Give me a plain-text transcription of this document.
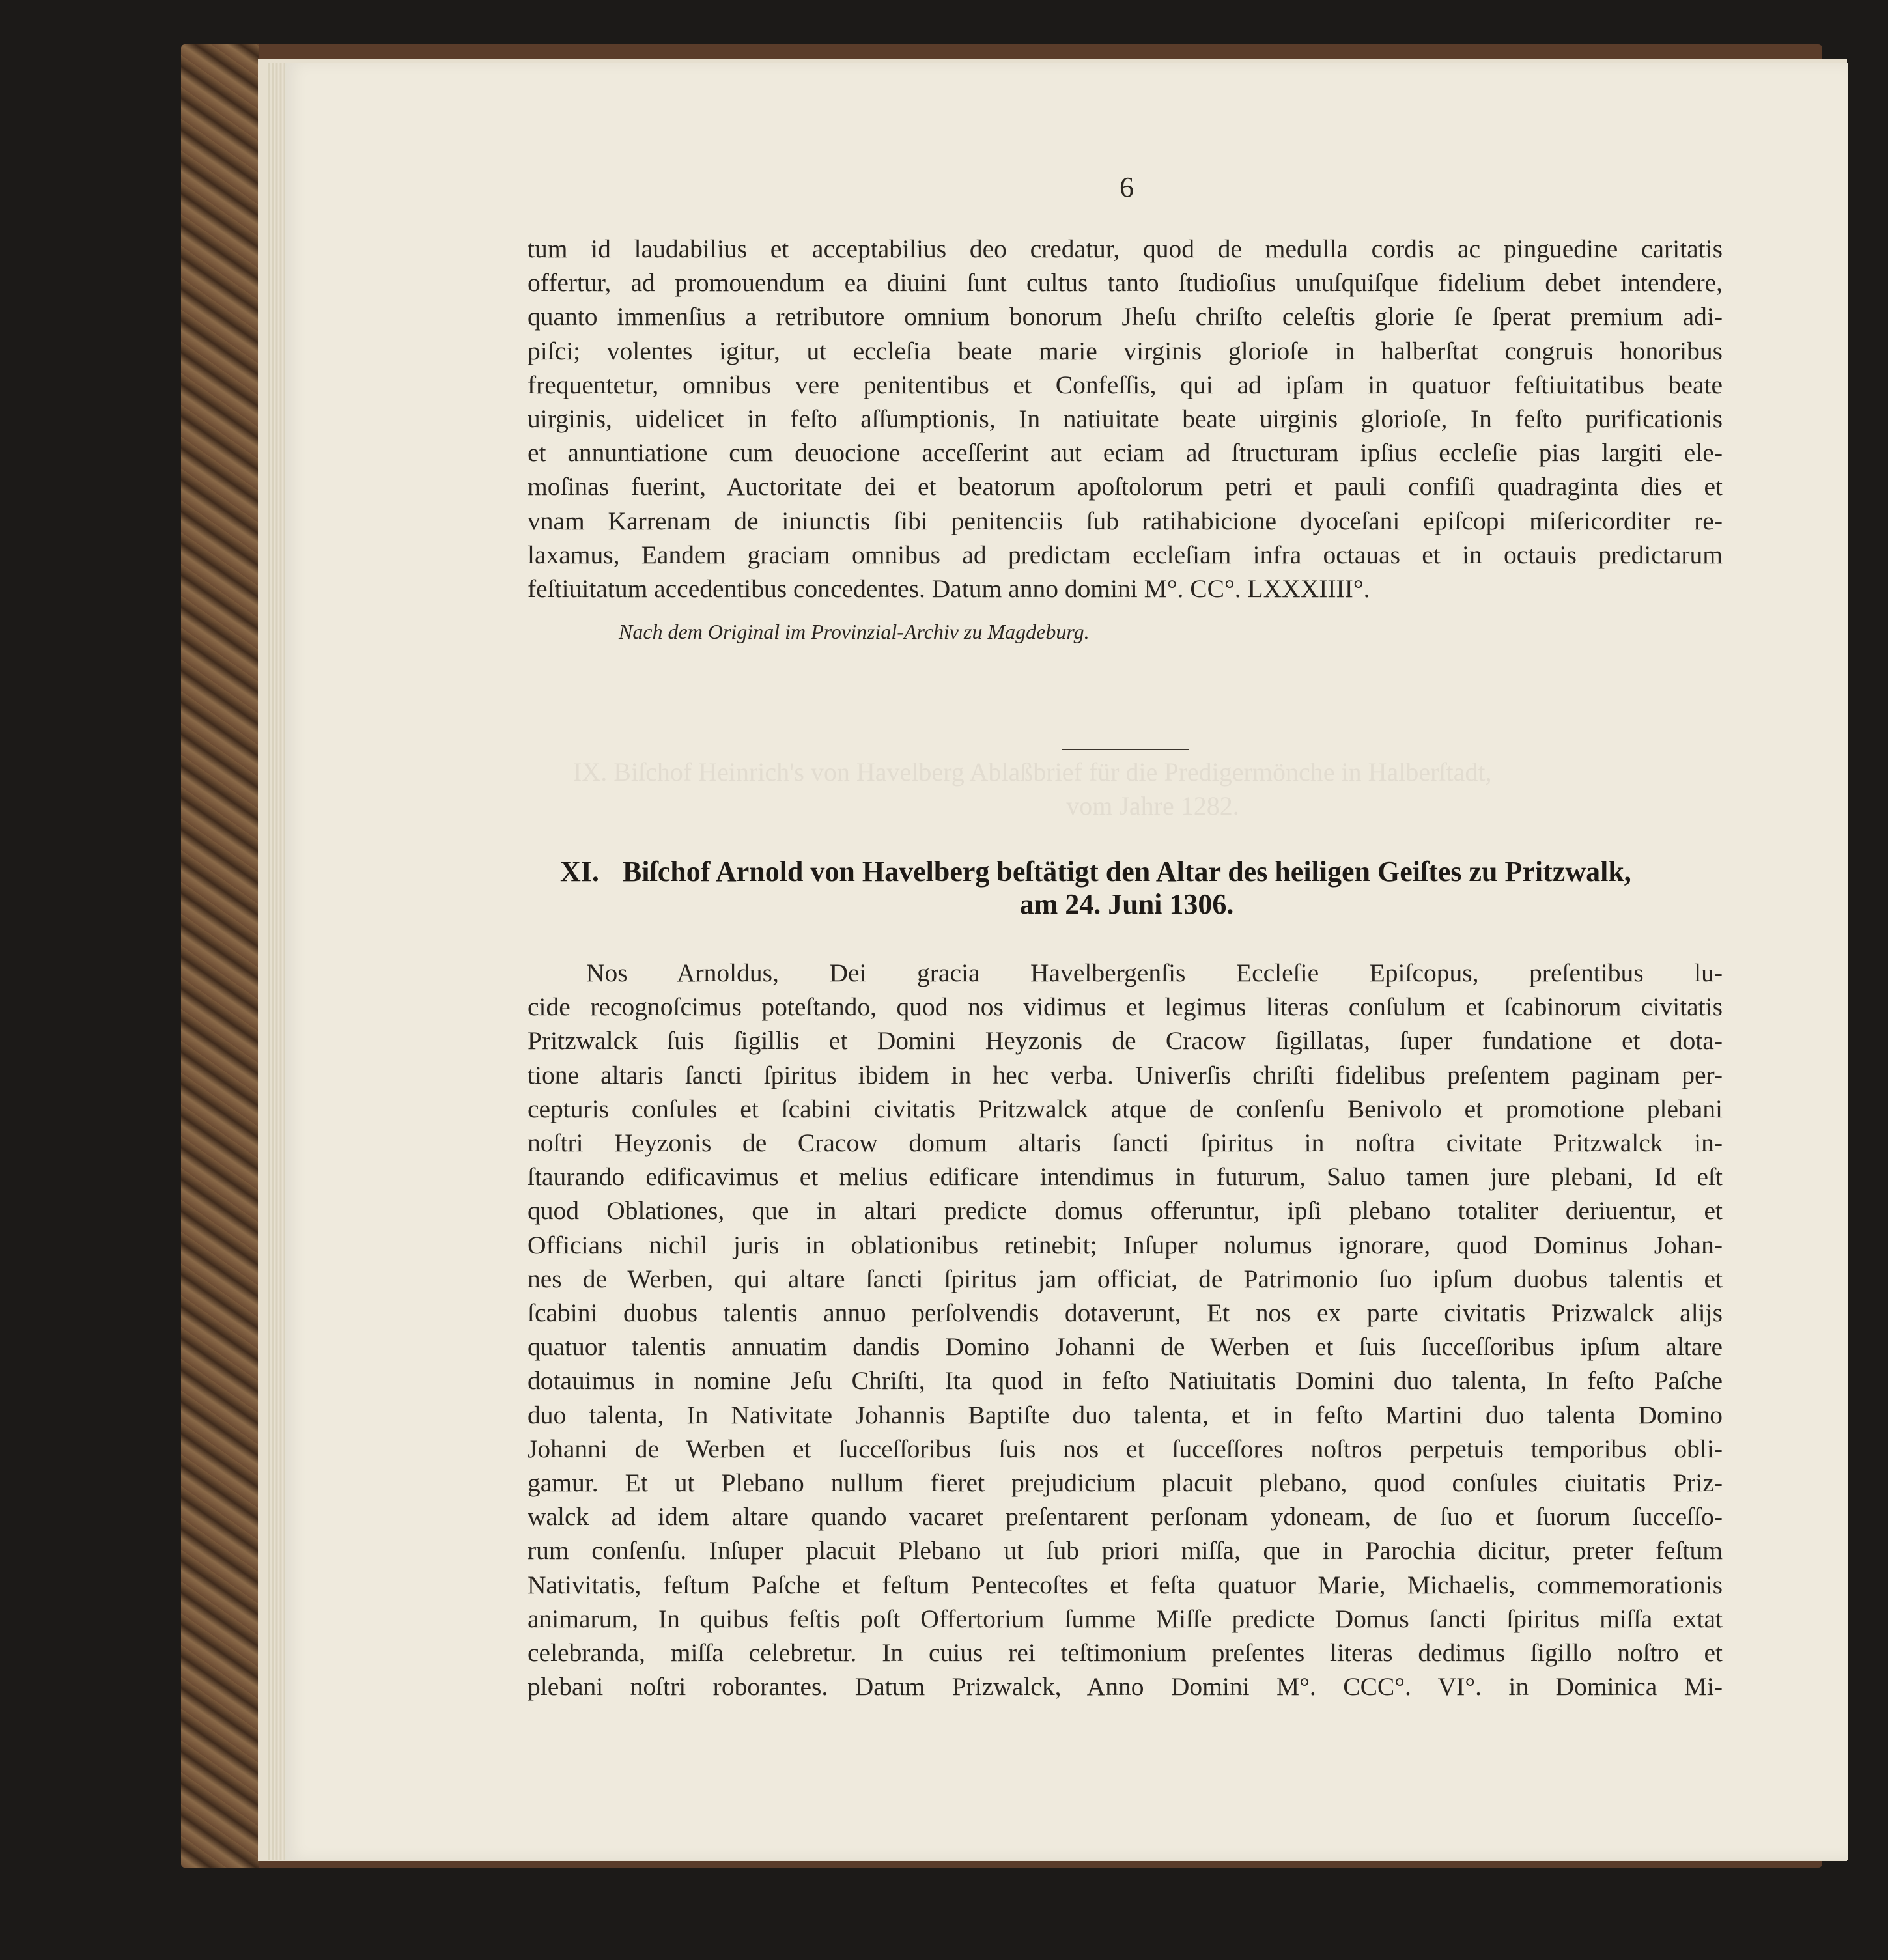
6
tum id laudabilius et acceptabilius deo credatur, quod de medulla cordis ac pinguedine caritatis
offertur, ad promouendum ea diuini ſunt cultus tanto ſtudioſius unuſquiſque fidelium debet intendere,
quanto immenſius a retributore omnium bonorum Jheſu chriſto celeſtis glorie ſe ſperat premium adi-
piſci; volentes igitur, ut eccleſia beate marie virginis glorioſe in halberſtat congruis honoribus
frequentetur, omnibus vere penitentibus et Confeſſis, qui ad ipſam in quatuor feſtiuitatibus beate
uirginis, uidelicet in feſto aſſumptionis, In natiuitate beate uirginis glorioſe, In feſto purificationis
et annuntiatione cum deuocione acceſſerint aut eciam ad ſtructuram ipſius eccleſie pias largiti ele-
moſinas fuerint, Auctoritate dei et beatorum apoſtolorum petri et pauli confiſi quadraginta dies et
vnam Karrenam de iniunctis ſibi penitenciis ſub ratihabicione dyoceſani epiſcopi miſericorditer re-
laxamus, Eandem graciam omnibus ad predictam eccleſiam infra octauas et in octauis predictarum
feſtiuitatum accedentibus concedentes. Datum anno domini M°. CC°. LXXXIIII°.
Nach dem Original im Provinzial-Archiv zu Magdeburg.
XI. Biſchof Arnold von Havelberg beſtätigt den Altar des heiligen Geiſtes zu Pritzwalk,
am 24. Juni 1306.
Nos Arnoldus, Dei gracia Havelbergenſis Eccleſie Epiſcopus, preſentibus lu-
cide recognoſcimus poteſtando, quod nos vidimus et legimus literas conſulum et ſcabinorum civitatis
Pritzwalck ſuis ſigillis et Domini Heyzonis de Cracow ſigillatas, ſuper fundatione et dota-
tione altaris ſancti ſpiritus ibidem in hec verba. Univerſis chriſti fidelibus preſentem paginam per-
cepturis conſules et ſcabini civitatis Pritzwalck atque de conſenſu Benivolo et promotione plebani
noſtri Heyzonis de Cracow domum altaris ſancti ſpiritus in noſtra civitate Pritzwalck in-
ſtaurando edificavimus et melius edificare intendimus in futurum, Saluo tamen jure plebani, Id eſt
quod Oblationes, que in altari predicte domus offeruntur, ipſi plebano totaliter deriuentur, et
Officians nichil juris in oblationibus retinebit; Inſuper nolumus ignorare, quod Dominus Johan-
nes de Werben, qui altare ſancti ſpiritus jam officiat, de Patrimonio ſuo ipſum duobus talentis et
ſcabini duobus talentis annuo perſolvendis dotaverunt, Et nos ex parte civitatis Prizwalck alijs
quatuor talentis annuatim dandis Domino Johanni de Werben et ſuis ſucceſſoribus ipſum altare
dotauimus in nomine Jeſu Chriſti, Ita quod in feſto Natiuitatis Domini duo talenta, In feſto Paſche
duo talenta, In Nativitate Johannis Baptiſte duo talenta, et in feſto Martini duo talenta Domino
Johanni de Werben et ſucceſſoribus ſuis nos et ſucceſſores noſtros perpetuis temporibus obli-
gamur. Et ut Plebano nullum fieret prejudicium placuit plebano, quod conſules ciuitatis Priz-
walck ad idem altare quando vacaret preſentarent perſonam ydoneam, de ſuo et ſuorum ſucceſſo-
rum conſenſu. Inſuper placuit Plebano ut ſub priori miſſa, que in Parochia dicitur, preter feſtum
Nativitatis, feſtum Paſche et feſtum Pentecoſtes et feſta quatuor Marie, Michaelis, commemorationis
animarum, In quibus feſtis poſt Offertorium ſumme Miſſe predicte Domus ſancti ſpiritus miſſa extat
celebranda, miſſa celebretur. In cuius rei teſtimonium preſentes literas dedimus ſigillo noſtro et
plebani noſtri roborantes. Datum Prizwalck, Anno Domini M°. CCC°. VI°. in Dominica Mi-
